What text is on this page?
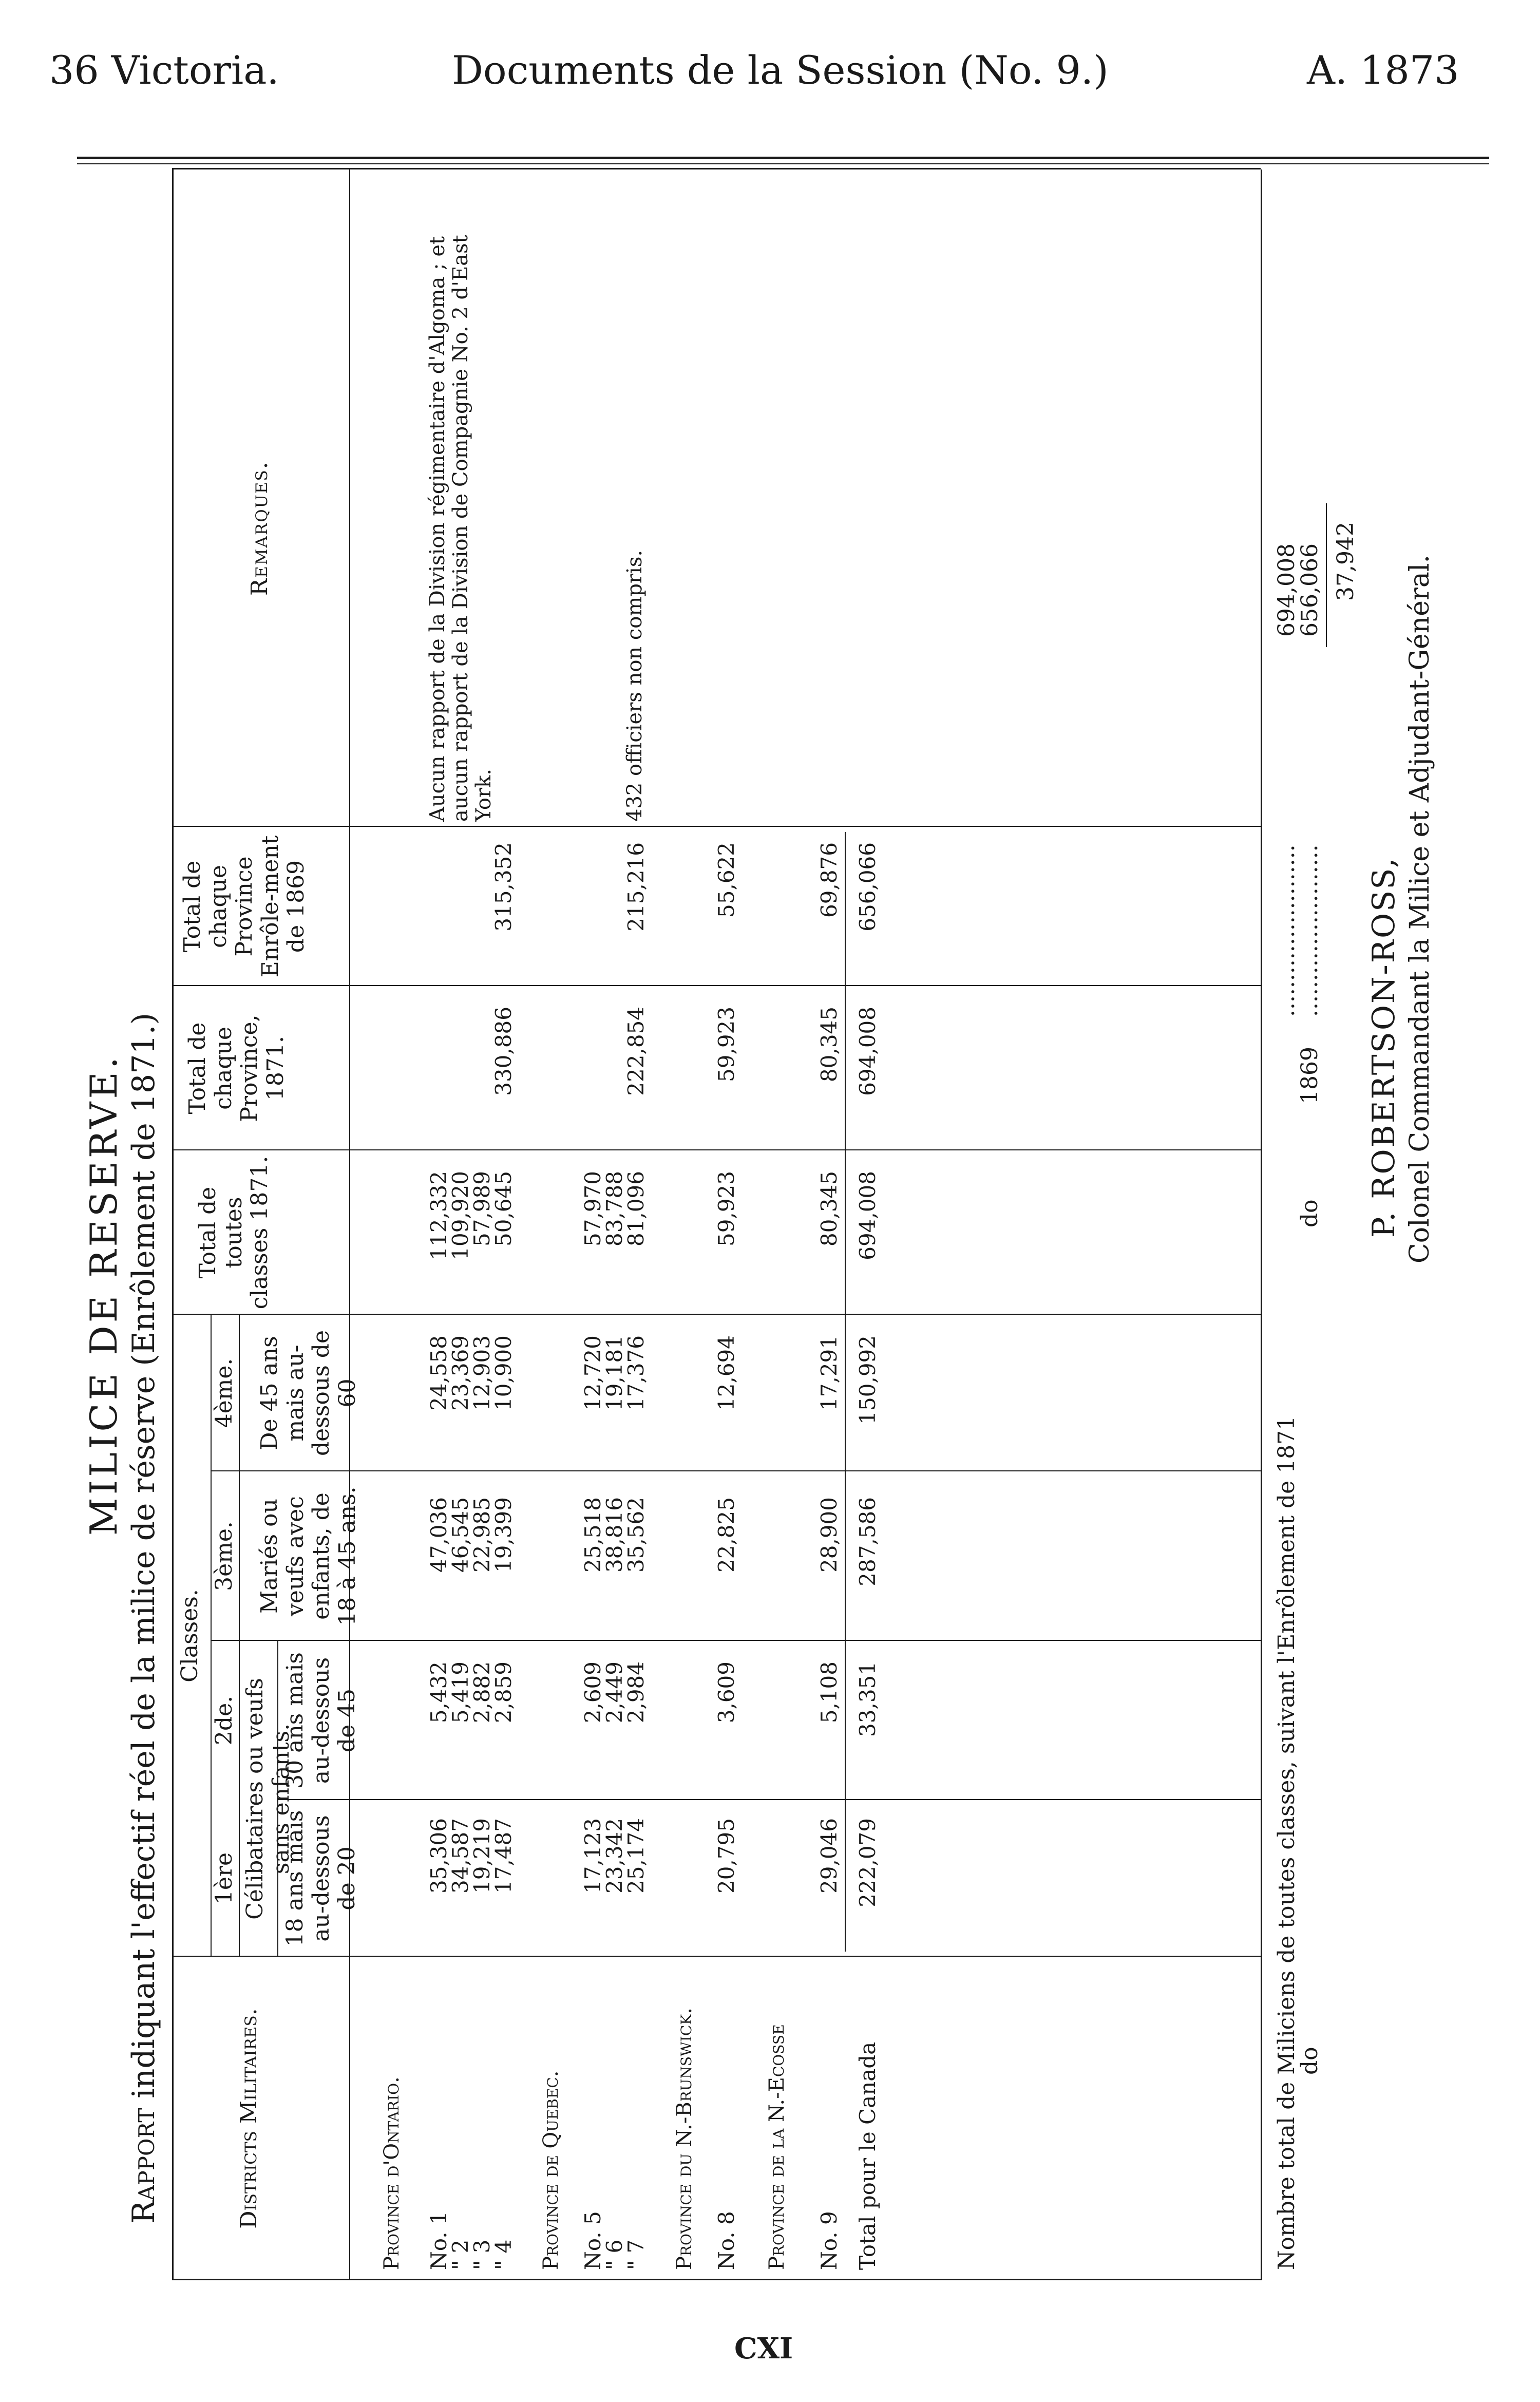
36 Victoria.	Documents de la Session (No. 9.)	A. 1873
MILICE DE RESERVE.
Rapport indiquant l'effectif réel de la milice de réserve (Enrôlement de 1871.)
Districts Militaires.
Classes.
1ère
2de.
3ème.
4ème.
Célibataires ou veufs sans enfants.
18 ans mais au-dessous de 20
30 ans mais au-dessous de 45
Mariés ou veufs avec enfants, de 18 à 45 ans.
De 45 ans mais au-dessous de 60
Total de toutes classes 1871.
Total de chaque Province, 1871.
Total de chaque Province Enrôle-ment de 1869
Remarques.
Province d'Ontario. No. 1
" 2
" 3
" 4
35,306
34,587
19,219
17,487
5,432
5,419
2,882
2,859
47,036
46,545
22,985
19,399
24,558
23,369
12,903
10,900
112,332
109,920
57,989
50,645
330,886
315,352
Aucun rapport de la Division régimentaire d'Algoma ; et aucun rapport de la Division de Compagnie No. 2 d'East York.
Province de Quebec. No. 5
" 6
" 7
17,123
23,342
25,174
2,609
2,449
2,984
25,518
38,816
35,562
12,720
19,181
17,376
57,970
83,788
81,096
222,854
215,216
432 officiers non compris.
Province du N.-Brunswick. No. 8
20,795
3,609
22,825
12,694
59,923
59,923
55,622
Province de la N.-Ecosse No. 9
29,046
5,108
28,900
17,291
80,345
80,345
69,876
Total pour le Canada
222,079
33,351
287,586
150,992
694,008
694,008
656,066
Nombre total de Miliciens de toutes classes, suivant l'Enrôlement de 1871
........................
694,008
do
do
1869
........................
656,066 37,942
P. ROBERTSON-ROSS, Colonel Commandant la Milice et Adjudant-Général.
CXI
